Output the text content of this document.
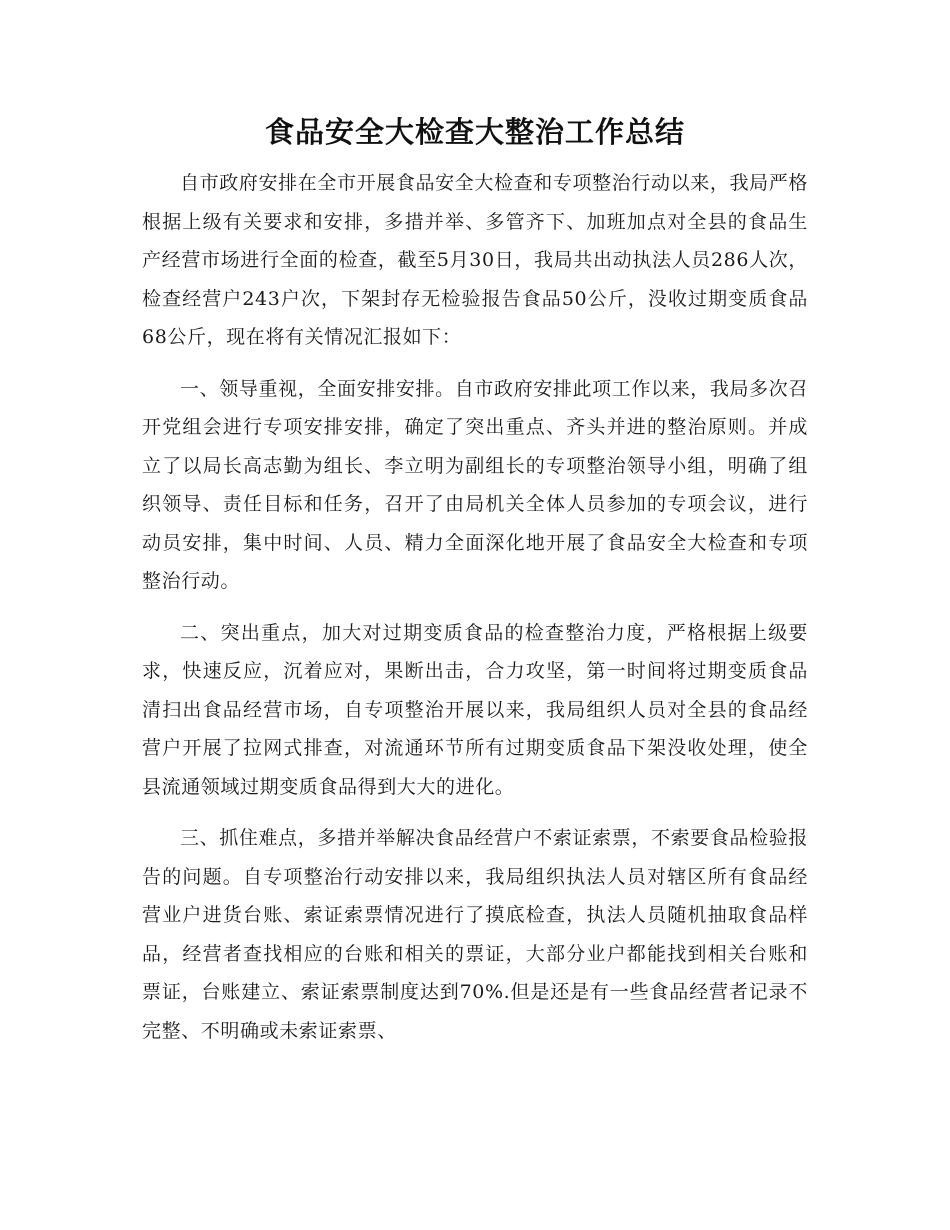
食品安全大检查大整治工作总结

自市政府安排在全市开展食品安全大检查和专项整治行动以来，我局严格根据上级有关要求和安排，多措并举、多管齐下、加班加点对全县的食品生产经营市场进行全面的检查，截至5月30日，我局共出动执法人员286人次，检查经营户243户次，下架封存无检验报告食品50公斤，没收过期变质食品68公斤，现在将有关情况汇报如下：

一、领导重视，全面安排安排。自市政府安排此项工作以来，我局多次召开党组会进行专项安排安排，确定了突出重点、齐头并进的整治原则。并成立了以局长高志勤为组长、李立明为副组长的专项整治领导小组，明确了组织领导、责任目标和任务，召开了由局机关全体人员参加的专项会议，进行动员安排，集中时间、人员、精力全面深化地开展了食品安全大检查和专项整治行动。

二、突出重点，加大对过期变质食品的检查整治力度，严格根据上级要求，快速反应，沉着应对，果断出击，合力攻坚，第一时间将过期变质食品清扫出食品经营市场，自专项整治开展以来，我局组织人员对全县的食品经营户开展了拉网式排查，对流通环节所有过期变质食品下架没收处理，使全县流通领域过期变质食品得到大大的进化。

三、抓住难点，多措并举解决食品经营户不索证索票，不索要食品检验报告的问题。自专项整治行动安排以来，我局组织执法人员对辖区所有食品经营业户进货台账、索证索票情况进行了摸底检查，执法人员随机抽取食品样品，经营者查找相应的台账和相关的票证，大部分业户都能找到相关台账和票证，台账建立、索证索票制度达到70%.但是还是有一些食品经营者记录不完整、不明确或未索证索票、
